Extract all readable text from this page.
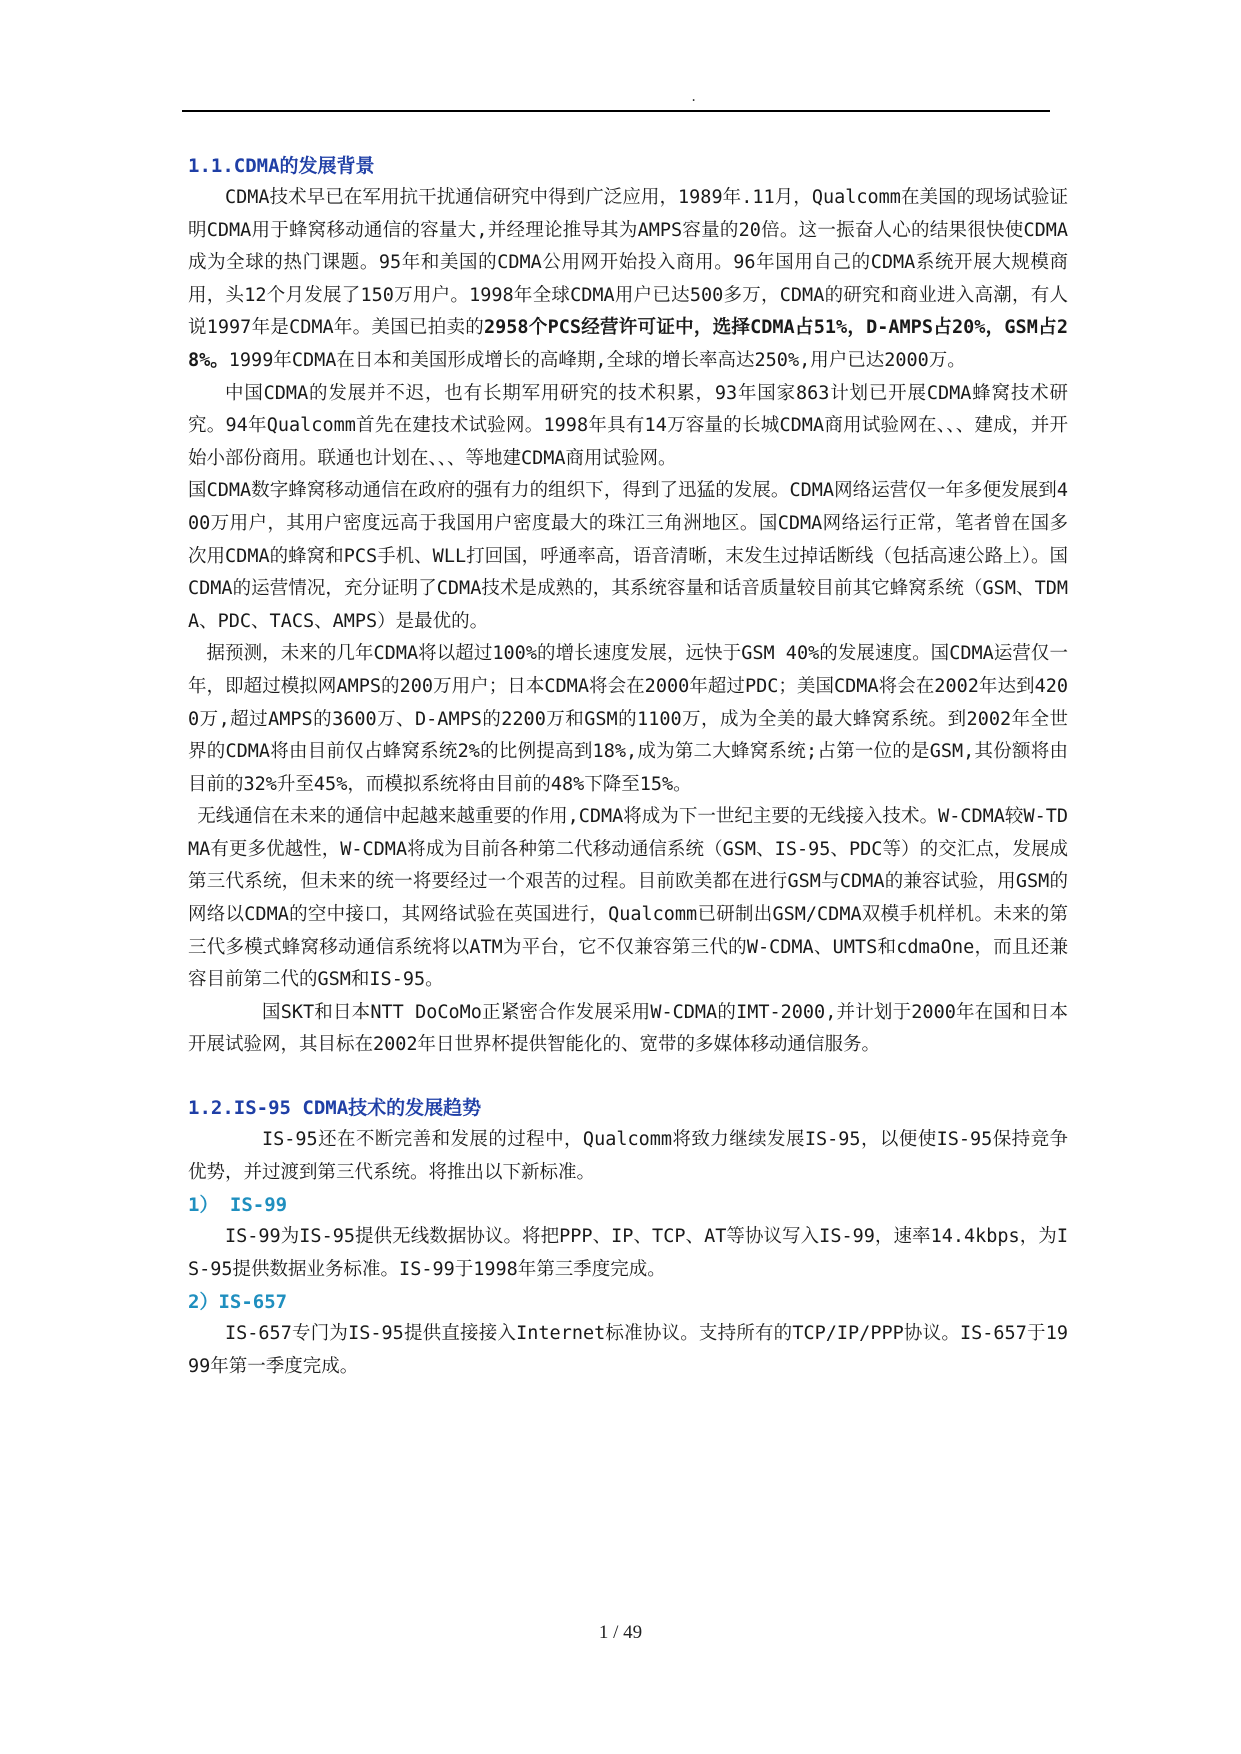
.
1.1.CDMA的发展背景

CDMA技术早已在军用抗干扰通信研究中得到广泛应用，1989年.11月，Qualcomm在美国的现场试验证明CDMA用于蜂窝移动通信的容量大,并经理论推导其为AMPS容量的20倍。这一振奋人心的结果很快使CDMA成为全球的热门课题。95年和美国的CDMA公用网开始投入商用。96年国用自己的CDMA系统开展大规模商用，头12个月发展了150万用户。1998年全球CDMA用户已达500多万，CDMA的研究和商业进入高潮，有人说1997年是CDMA年。美国已拍卖的2958个PCS经营许可证中，选择CDMA占51%，D-AMPS占20%，GSM占28%。1999年CDMA在日本和美国形成增长的高峰期,全球的增长率高达250%,用户已达2000万。

中国CDMA的发展并不迟，也有长期军用研究的技术积累，93年国家863计划已开展CDMA蜂窝技术研究。94年Qualcomm首先在建技术试验网。1998年具有14万容量的长城CDMA商用试验网在、、、建成，并开始小部份商用。联通也计划在、、、等地建CDMA商用试验网。

国CDMA数字蜂窝移动通信在政府的强有力的组织下，得到了迅猛的发展。CDMA网络运营仅一年多便发展到400万用户，其用户密度远高于我国用户密度最大的珠江三角洲地区。国CDMA网络运行正常，笔者曾在国多次用CDMA的蜂窝和PCS手机、WLL打回国，呼通率高，语音清晰，末发生过掉话断线（包括高速公路上）。国CDMA的运营情况，充分证明了CDMA技术是成熟的，其系统容量和话音质量较目前其它蜂窝系统（GSM、TDMA、PDC、TACS、AMPS）是最优的。

据预测，未来的几年CDMA将以超过100%的增长速度发展，远快于GSM 40%的发展速度。国CDMA运营仅一年，即超过模拟网AMPS的200万用户；日本CDMA将会在2000年超过PDC；美国CDMA将会在2002年达到4200万,超过AMPS的3600万、D-AMPS的2200万和GSM的1100万，成为全美的最大蜂窝系统。到2002年全世界的CDMA将由目前仅占蜂窝系统2%的比例提高到18%,成为第二大蜂窝系统;占第一位的是GSM,其份额将由目前的32%升至45%，而模拟系统将由目前的48%下降至15%。

无线通信在未来的通信中起越来越重要的作用,CDMA将成为下一世纪主要的无线接入技术。W-CDMA较W-TDMA有更多优越性，W-CDMA将成为目前各种第二代移动通信系统（GSM、IS-95、PDC等）的交汇点，发展成第三代系统，但未来的统一将要经过一个艰苦的过程。目前欧美都在进行GSM与CDMA的兼容试验，用GSM的网络以CDMA的空中接口，其网络试验在英国进行，Qualcomm已研制出GSM/CDMA双模手机样机。未来的第三代多模式蜂窝移动通信系统将以ATM为平台，它不仅兼容第三代的W-CDMA、UMTS和cdmaOne，而且还兼容目前第二代的GSM和IS-95。

国SKT和日本NTT DoCoMo正紧密合作发展采用W-CDMA的IMT-2000,并计划于2000年在国和日本开展试验网，其目标在2002年日世界杯提供智能化的、宽带的多媒体移动通信服务。

1.2.IS-95 CDMA技术的发展趋势

IS-95还在不断完善和发展的过程中，Qualcomm将致力继续发展IS-95，以便使IS-95保持竞争优势，并过渡到第三代系统。将推出以下新标准。

1） IS-99

IS-99为IS-95提供无线数据协议。将把PPP、IP、TCP、AT等协议写入IS-99，速率14.4kbps，为IS-95提供数据业务标准。IS-99于1998年第三季度完成。

2）IS-657

IS-657专门为IS-95提供直接接入Internet标准协议。支持所有的TCP/IP/PPP协议。IS-657于1999年第一季度完成。

1 / 49
